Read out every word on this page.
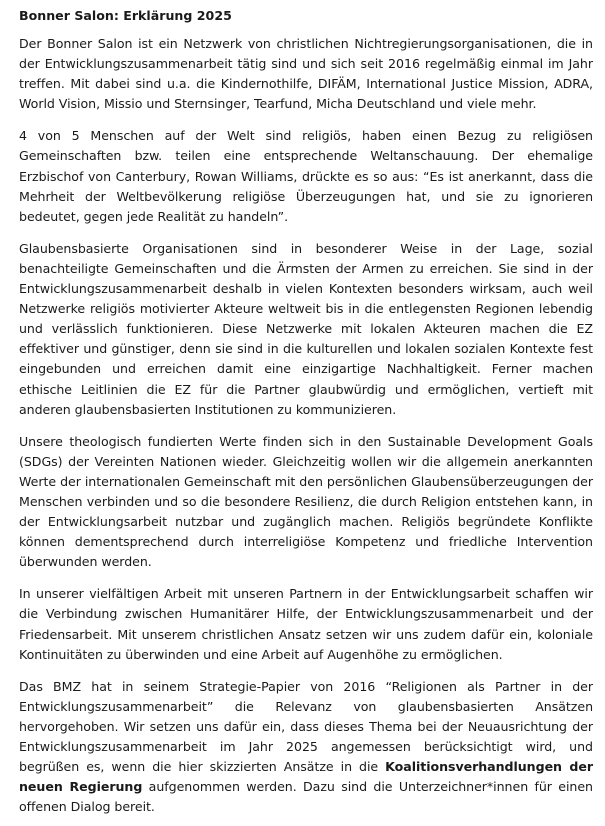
Bonner Salon: Erklärung 2025

Der Bonner Salon ist ein Netzwerk von christlichen Nichtregierungsorganisationen, die in der Entwicklungszusammenarbeit tätig sind und sich seit 2016 regelmäßig einmal im Jahr treffen. Mit dabei sind u.a. die Kindernothilfe, DIFÄM, International Justice Mission, ADRA, World Vision, Missio und Sternsinger, Tearfund, Micha Deutschland und viele mehr.

4 von 5 Menschen auf der Welt sind religiös, haben einen Bezug zu religiösen Gemeinschaften bzw. teilen eine entsprechende Weltanschauung. Der ehemalige Erzbischof von Canterbury, Rowan Williams, drückte es so aus: “Es ist anerkannt, dass die Mehrheit der Weltbevölkerung religiöse Überzeugungen hat, und sie zu ignorieren bedeutet, gegen jede Realität zu handeln”.

Glaubensbasierte Organisationen sind in besonderer Weise in der Lage, sozial benachteiligte Gemeinschaften und die Ärmsten der Armen zu erreichen. Sie sind in der Entwicklungszusammenarbeit deshalb in vielen Kontexten besonders wirksam, auch weil Netzwerke religiös motivierter Akteure weltweit bis in die entlegensten Regionen lebendig und verlässlich funktionieren. Diese Netzwerke mit lokalen Akteuren machen die EZ effektiver und günstiger, denn sie sind in die kulturellen und lokalen sozialen Kontexte fest eingebunden und erreichen damit eine einzigartige Nachhaltigkeit. Ferner machen ethische Leitlinien die EZ für die Partner glaubwürdig und ermöglichen, vertieft mit anderen glaubensbasierten Institutionen zu kommunizieren.

Unsere theologisch fundierten Werte finden sich in den Sustainable Development Goals (SDGs) der Vereinten Nationen wieder. Gleichzeitig wollen wir die allgemein anerkannten Werte der internationalen Gemeinschaft mit den persönlichen Glaubensüberzeugungen der Menschen verbinden und so die besondere Resilienz, die durch Religion entstehen kann, in der Entwicklungsarbeit nutzbar und zugänglich machen. Religiös begründete Konflikte können dementsprechend durch interreligiöse Kompetenz und friedliche Intervention überwunden werden.

In unserer vielfältigen Arbeit mit unseren Partnern in der Entwicklungsarbeit schaffen wir die Verbindung zwischen Humanitärer Hilfe, der Entwicklungszusammenarbeit und der Friedensarbeit. Mit unserem christlichen Ansatz setzen wir uns zudem dafür ein, koloniale Kontinuitäten zu überwinden und eine Arbeit auf Augenhöhe zu ermöglichen.

Das BMZ hat in seinem Strategie-Papier von 2016 “Religionen als Partner in der Entwicklungszusammenarbeit” die Relevanz von glaubensbasierten Ansätzen hervorgehoben. Wir setzen uns dafür ein, dass dieses Thema bei der Neuausrichtung der Entwicklungszusammenarbeit im Jahr 2025 angemessen berücksichtigt wird, und begrüßen es, wenn die hier skizzierten Ansätze in die Koalitionsverhandlungen der neuen Regierung aufgenommen werden. Dazu sind die Unterzeichner*innen für einen offenen Dialog bereit.
